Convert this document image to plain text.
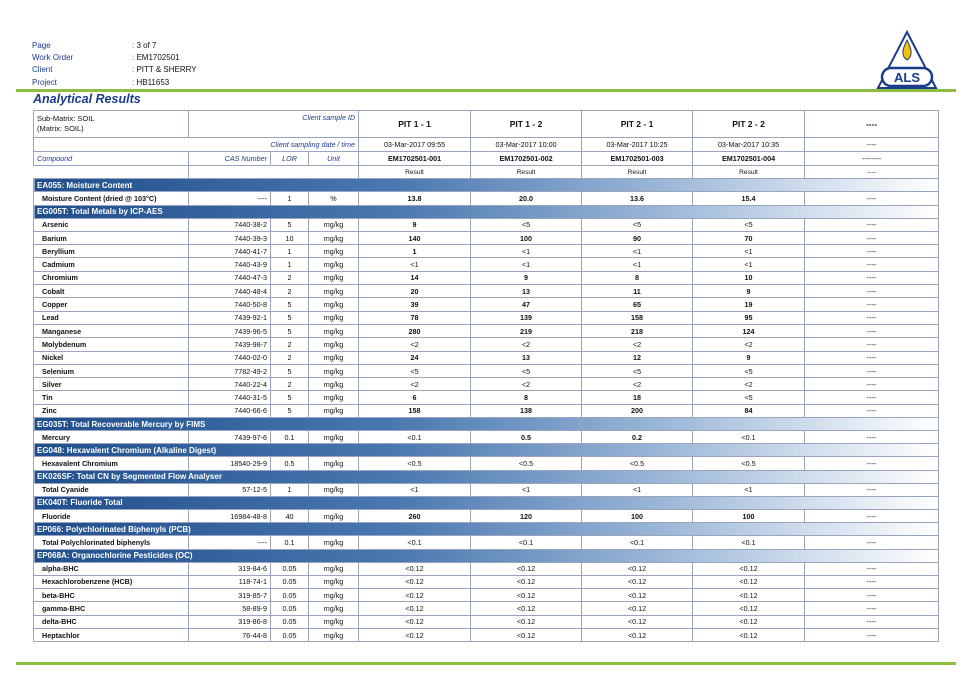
Page	: 3 of 7
Work Order	: EM1702501
Client	: PITT & SHERRY
Project	: HB11653	ALS
Analytical Results
Sub-Matrix: SOIL
(Matrix: SOIL)	Client sample ID			PIT 1 - 1	PIT 1 - 2	PIT 2 - 1	PIT 2 - 2	----
Client sampling date / time				03-Mar-2017 09:55	03-Mar-2017 10:00	03-Mar-2017 10:25	03-Mar-2017 10:35	----
Compound	CAS Number	LOR	Unit	EM1702501-001	EM1702501-002	EM1702501-003	EM1702501-004	--------
				Result	Result	Result	Result	----
EA055: Moisture Content								
Moisture Content (dried @ 103°C)	----	1	%	13.8	20.0	13.6	15.4	----
EG005T: Total Metals by ICP-AES								
Arsenic	7440-38-2	5	mg/kg	9	<5	<5	<5	----
Barium	7440-39-3	10	mg/kg	140	100	90	70	----
Beryllium	7440-41-7	1	mg/kg	1	<1	<1	<1	----
Cadmium	7440-43-9	1	mg/kg	<1	<1	<1	<1	----
Chromium	7440-47-3	2	mg/kg	14	9	8	10	----
Cobalt	7440-48-4	2	mg/kg	20	13	11	9	----
Copper	7440-50-8	5	mg/kg	39	47	65	19	----
Lead	7439-92-1	5	mg/kg	78	139	158	95	----
Manganese	7439-96-5	5	mg/kg	280	219	218	124	----
Molybdenum	7439-98-7	2	mg/kg	<2	<2	<2	<2	----
Nickel	7440-02-0	2	mg/kg	24	13	12	9	----
Selenium	7782-49-2	5	mg/kg	<5	<5	<5	<5	----
Silver	7440-22-4	2	mg/kg	<2	<2	<2	<2	----
Tin	7440-31-5	5	mg/kg	6	8	18	<5	----
Zinc	7440-66-6	5	mg/kg	158	138	200	84	----
EG035T: Total Recoverable Mercury by FIMS								
Mercury	7439-97-6	0.1	mg/kg	<0.1	0.5	0.2	<0.1	----
EG048: Hexavalent Chromium (Alkaline Digest)								
Hexavalent Chromium	18540-29-9	0.5	mg/kg	<0.5	<0.5	<0.5	<0.5	----
EK026SF: Total CN by Segmented Flow Analyser								
Total Cyanide	57-12-5	1	mg/kg	<1	<1	<1	<1	----
EK040T: Fluoride Total								
Fluoride	16984-48-8	40	mg/kg	260	120	100	100	----
EP066: Polychlorinated Biphenyls (PCB)								
Total Polychlorinated biphenyls	----	0.1	mg/kg	<0.1	<0.1	<0.1	<0.1	----
EP068A: Organochlorine Pesticides (OC)								
alpha-BHC	319-84-6	0.05	mg/kg	<0.12	<0.12	<0.12	<0.12	----
Hexachlorobenzene (HCB)	118-74-1	0.05	mg/kg	<0.12	<0.12	<0.12	<0.12	----
beta-BHC	319-85-7	0.05	mg/kg	<0.12	<0.12	<0.12	<0.12	----
gamma-BHC	58-89-9	0.05	mg/kg	<0.12	<0.12	<0.12	<0.12	----
delta-BHC	319-86-8	0.05	mg/kg	<0.12	<0.12	<0.12	<0.12	----
Heptachlor	76-44-8	0.05	mg/kg	<0.12	<0.12	<0.12	<0.12	----
